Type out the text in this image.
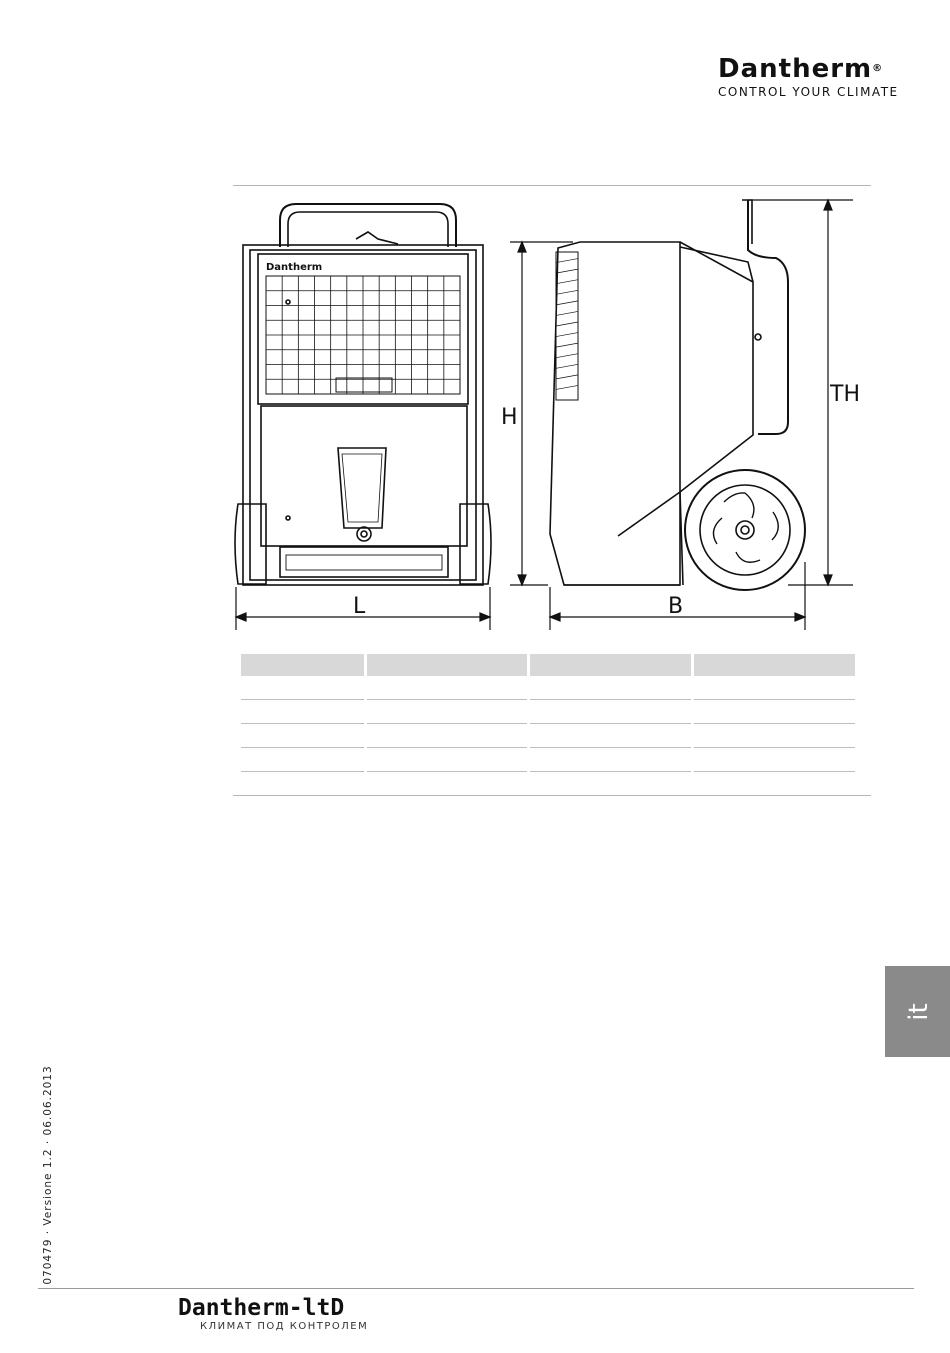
Dantherm®
CONTROL YOUR CLIMATE
Dantherm
L
H
B
TH

it
070479 · Versione 1.2 · 06.06.2013
Dantherm-ltD
КЛИМАТ ПОД КОНТРОЛЕМ
